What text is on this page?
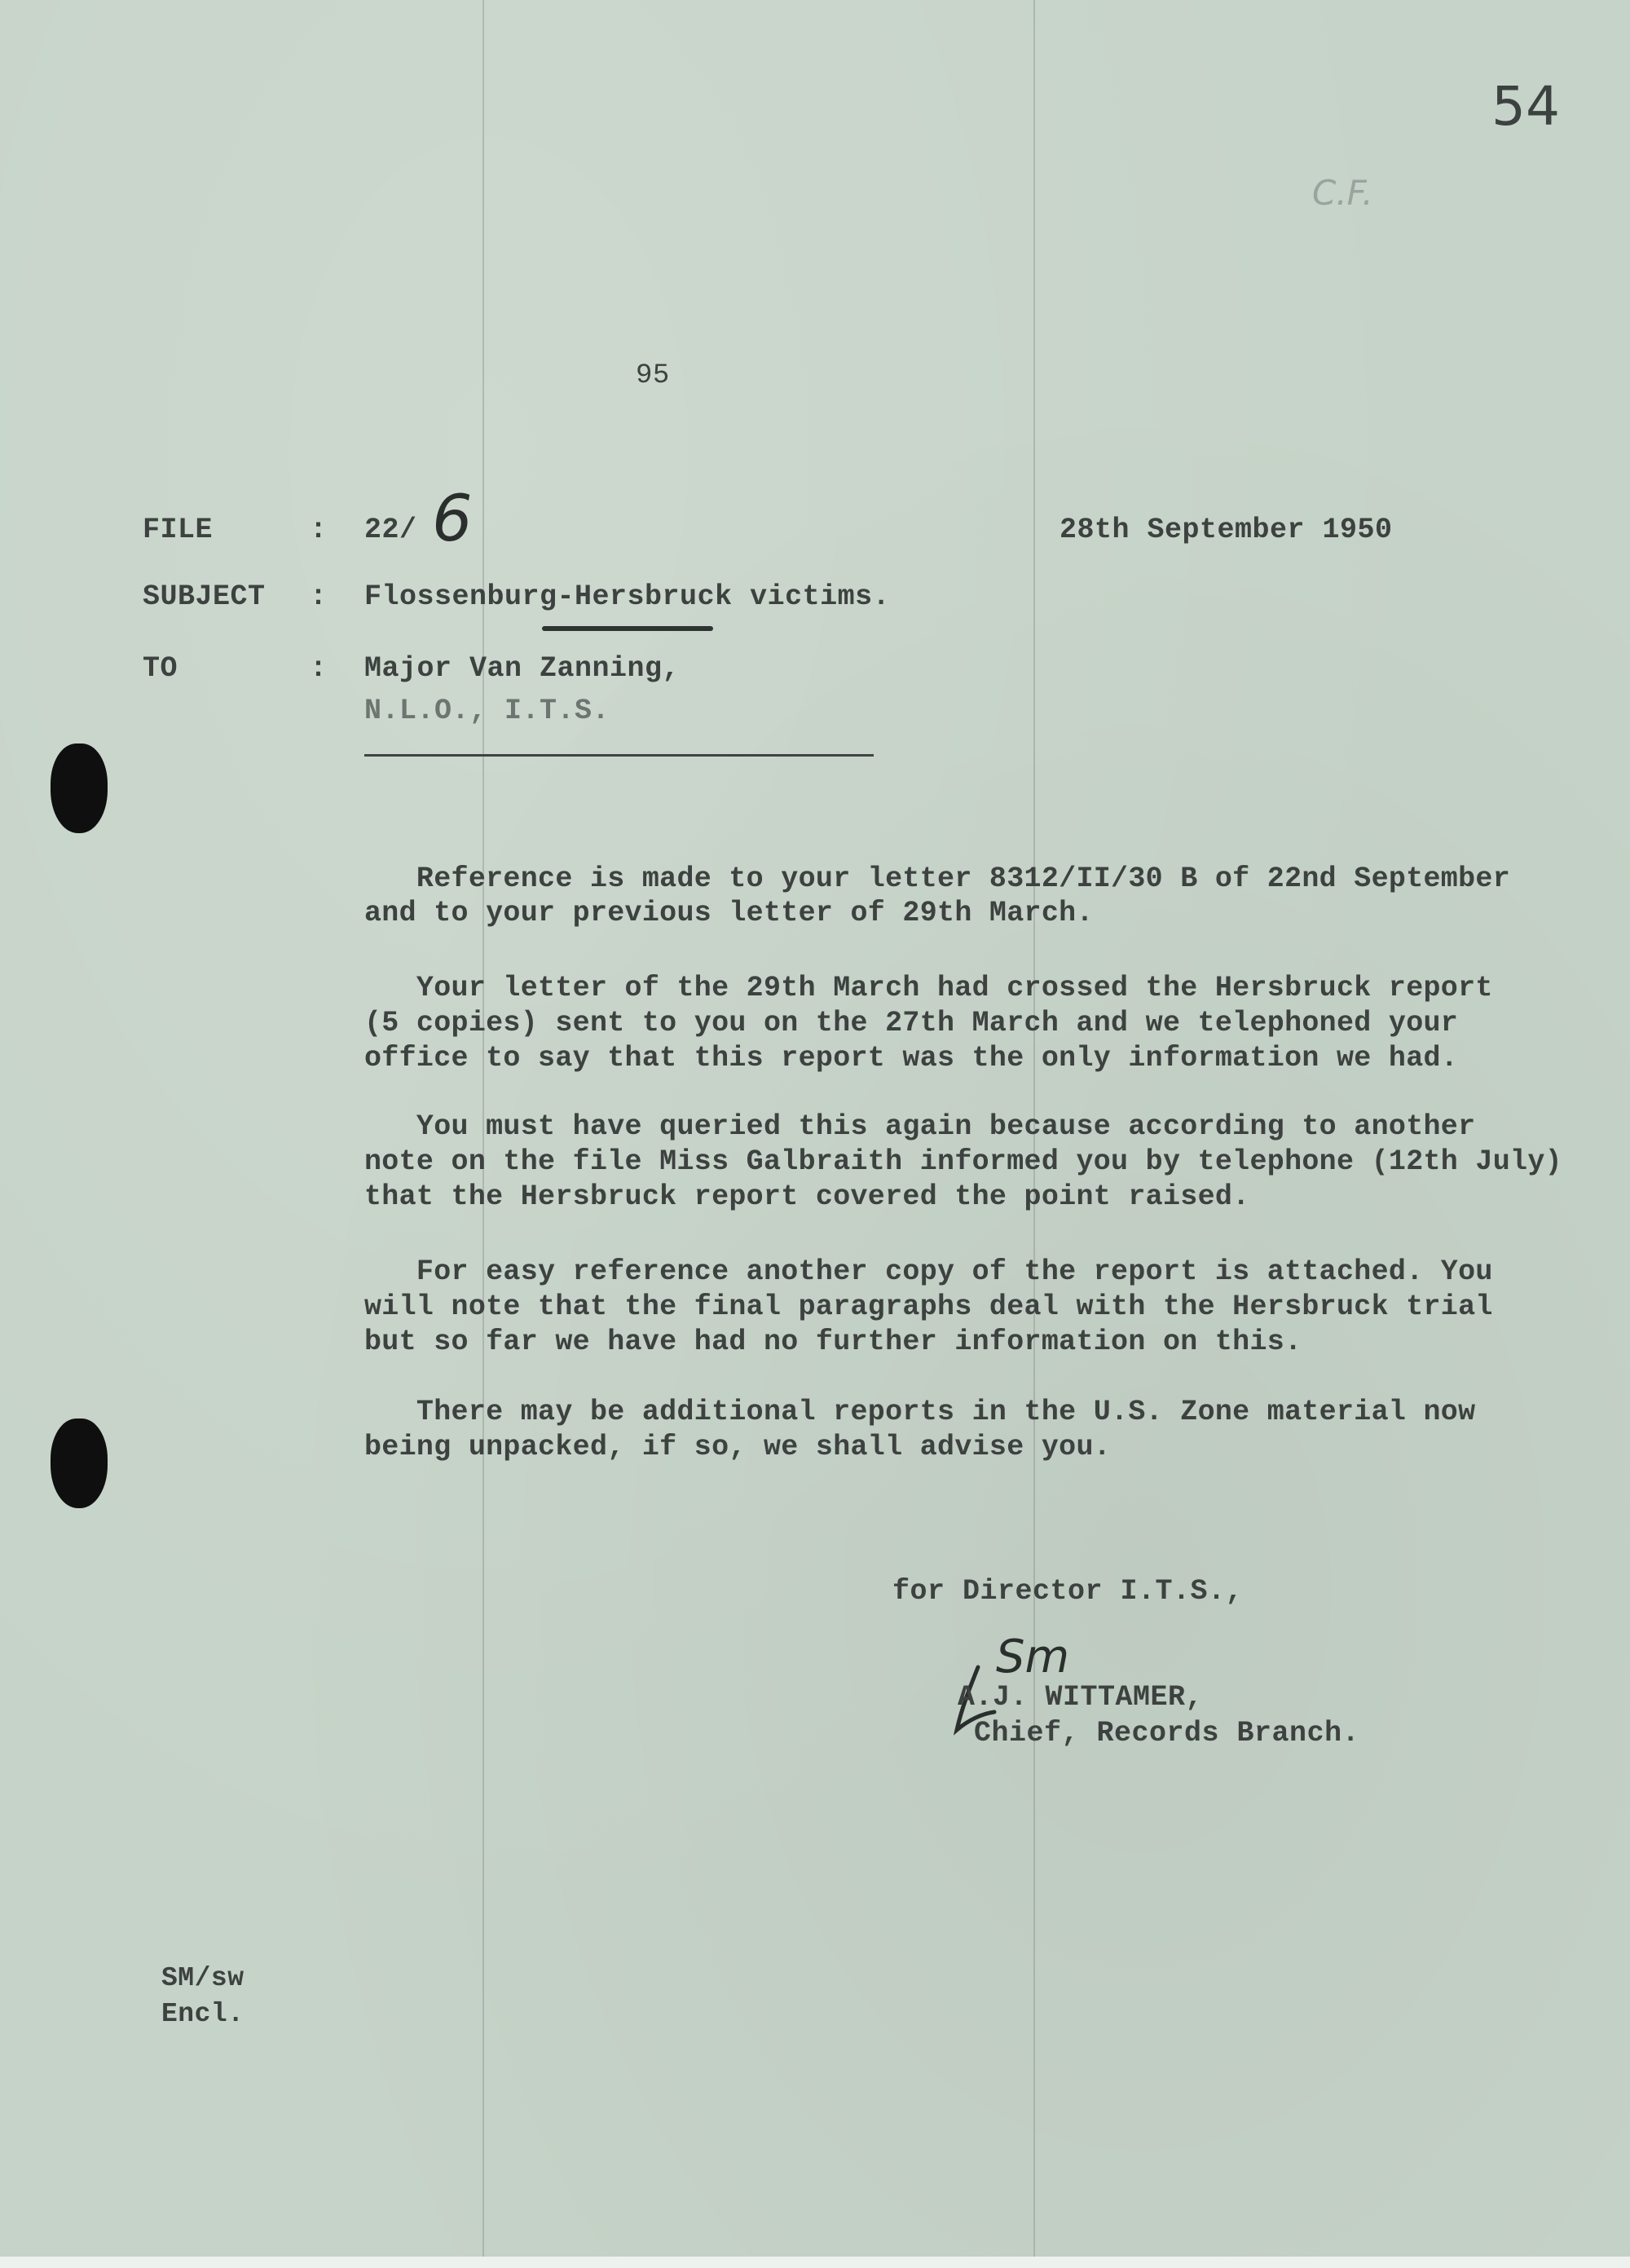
54
C.F.
95
FILE	: 22/ 6	28th September 1950
SUBJECT : Flossenburg-Hersbruck victims.
TO	: Major Van Zanning,
N.L.O., I.T.S.
Reference is made to your letter 8312/II/30 B of 22nd September
and to your previous letter of 29th March.
Your letter of the 29th March had crossed the Hersbruck report
(5 copies) sent to you on the 27th March and we telephoned your
office to say that this report was the only information we had.
You must have queried this again because according to another
note on the file Miss Galbraith informed you by telephone (12th July)
that the Hersbruck report covered the point raised.
For easy reference another copy of the report is attached. You
will note that the final paragraphs deal with the Hersbruck trial
but so far we have had no further information on this.
There may be additional reports in the U.S. Zone material now
being unpacked, if so, we shall advise you.
for Director I.T.S.,
Sm
A.J. WITTAMER,
Chief, Records Branch.
SM/sw
Encl.
